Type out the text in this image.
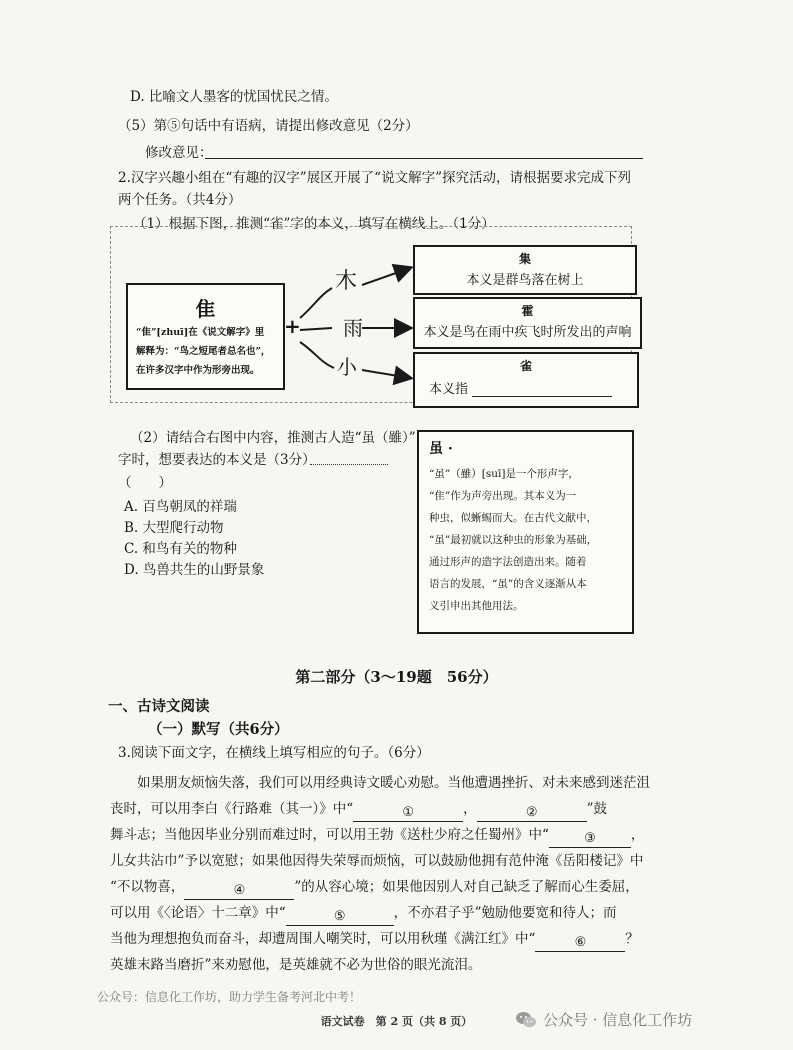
D. 比喻文人墨客的忧国忧民之情。
（5）第⑤句话中有语病，请提出修改意见（2分）
修改意见：
2.汉字兴趣小组在“有趣的汉字”展区开展了“说文解字”探究活动，请根据要求完成下列
两个任务。（共4分）
（1）根据下图，推测“雀”字的本义，填写在横线上。（1分）
隹
“隹”[zhuī]在《说文解字》里
解释为：“鸟之短尾者总名也”，
在许多汉字中作为形旁出现。
+
木
雨
小
集
本义是群鸟落在树上
霍
本义是鸟在雨中疾飞时所发出的声响
雀
本义指
（2）请结合右图中内容，推测古人造“虽（雖）”
字时，想要表达的本义是（3分）
（　　）
A. 百鸟朝凤的祥瑞
B. 大型爬行动物
C. 和鸟有关的物种
D. 鸟兽共生的山野景象
虽 ·
“虽”（雖）[suī]是一个形声字，
“隹”作为声旁出现。其本义为一
种虫，似蜥蜴而大。在古代文献中，
“虽”最初就以这种虫的形象为基础，
通过形声的造字法创造出来。随着
语言的发展，“虽”的含义逐渐从本
义引申出其他用法。
第二部分（3～19题　56分）
一、古诗文阅读
（一）默写（共6分）
3.阅读下面文字，在横线上填写相应的句子。（6分）
如果朋友烦恼失落，我们可以用经典诗文暖心劝慰。当他遭遇挫折、对未来感到迷茫沮
丧时，可以用李白《行路难（其一）》中“	①	，	②	”鼓
舞斗志；当他因毕业分别而难过时，可以用王勃《送杜少府之任蜀州》中“	③	，
儿女共沾巾”予以宽慰；如果他因得失荣辱而烦恼，可以鼓励他拥有范仲淹《岳阳楼记》中
“不以物喜，	④	”的从容心境；如果他因别人对自己缺乏了解而心生委屈，
可以用《〈论语〉十二章》中“	⑤	，不亦君子乎”勉励他要宽和待人；而
当他为理想抱负而奋斗，却遭周围人嘲笑时，可以用秋瑾《满江红》中“	⑥	？
英雄末路当磨折”来劝慰他，是英雄就不必为世俗的眼光流泪。
公众号：信息化工作坊，助力学生备考河北中考！
语文试卷　第 2 页（共 8 页）	公众号 · 信息化工作坊
